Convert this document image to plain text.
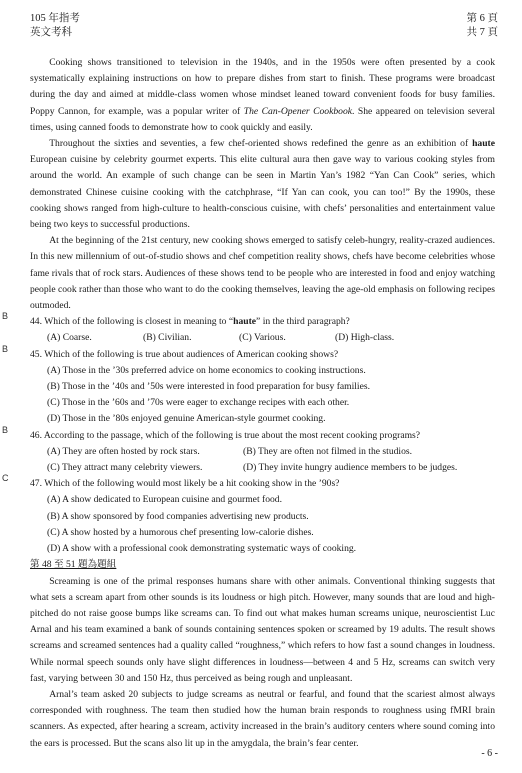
105 年指考
英文考科
第 6 頁
共 7 頁

Cooking shows transitioned to television in the 1940s, and in the 1950s were often presented by a cook systematically explaining instructions on how to prepare dishes from start to finish. These programs were broadcast during the day and aimed at middle-class women whose mindset leaned toward convenient foods for busy families. Poppy Cannon, for example, was a popular writer of The Can-Opener Cookbook. She appeared on television several times, using canned foods to demonstrate how to cook quickly and easily.

Throughout the sixties and seventies, a few chef-oriented shows redefined the genre as an exhibition of haute European cuisine by celebrity gourmet experts. This elite cultural aura then gave way to various cooking styles from around the world. An example of such change can be seen in Martin Yan’s 1982 “Yan Can Cook” series, which demonstrated Chinese cuisine cooking with the catchphrase, “If Yan can cook, you can too!” By the 1990s, these cooking shows ranged from high-culture to health-conscious cuisine, with chefs’ personalities and entertainment value being two keys to successful productions.

At the beginning of the 21st century, new cooking shows emerged to satisfy celeb-hungry, reality-crazed audiences. In this new millennium of out-of-studio shows and chef competition reality shows, chefs have become celebrities whose fame rivals that of rock stars. Audiences of these shows tend to be people who are interested in food and enjoy watching people cook rather than those who want to do the cooking themselves, leaving the age-old emphasis on following recipes outmoded.

B 44. Which of the following is closest in meaning to “haute” in the third paragraph?
(A) Coarse.	(B) Civilian.	(C) Various.	(D) High-class.
B 45. Which of the following is true about audiences of American cooking shows?

(A) Those in the ’30s preferred advice on home economics to cooking instructions.

(B) Those in the ’40s and ’50s were interested in food preparation for busy families.

(C) Those in the ’60s and ’70s were eager to exchange recipes with each other.

(D) Those in the ’80s enjoyed genuine American-style gourmet cooking.

B 46. According to the passage, which of the following is true about the most recent cooking programs?
(A) They are often hosted by rock stars.	(B) They are often not filmed in the studios.
(C) They attract many celebrity viewers.	(D) They invite hungry audience members to be judges.
C 47. Which of the following would most likely be a hit cooking show in the ’90s?

(A) A show dedicated to European cuisine and gourmet food.

(B) A show sponsored by food companies advertising new products.

(C) A show hosted by a humorous chef presenting low-calorie dishes.

(D) A show with a professional cook demonstrating systematic ways of cooking.

第 48 至 51 題為題組

Screaming is one of the primal responses humans share with other animals. Conventional thinking suggests that what sets a scream apart from other sounds is its loudness or high pitch. However, many sounds that are loud and high-pitched do not raise goose bumps like screams can. To find out what makes human screams unique, neuroscientist Luc Arnal and his team examined a bank of sounds containing sentences spoken or screamed by 19 adults. The result shows screams and screamed sentences had a quality called “roughness,” which refers to how fast a sound changes in loudness. While normal speech sounds only have slight differences in loudness—between 4 and 5 Hz, screams can switch very fast, varying between 30 and 150 Hz, thus perceived as being rough and unpleasant.

Arnal’s team asked 20 subjects to judge screams as neutral or fearful, and found that the scariest almost always corresponded with roughness. The team then studied how the human brain responds to roughness using fMRI brain scanners. As expected, after hearing a scream, activity increased in the brain’s auditory centers where sound coming into the ears is processed. But the scans also lit up in the amygdala, the brain’s fear center.

- 6 -
